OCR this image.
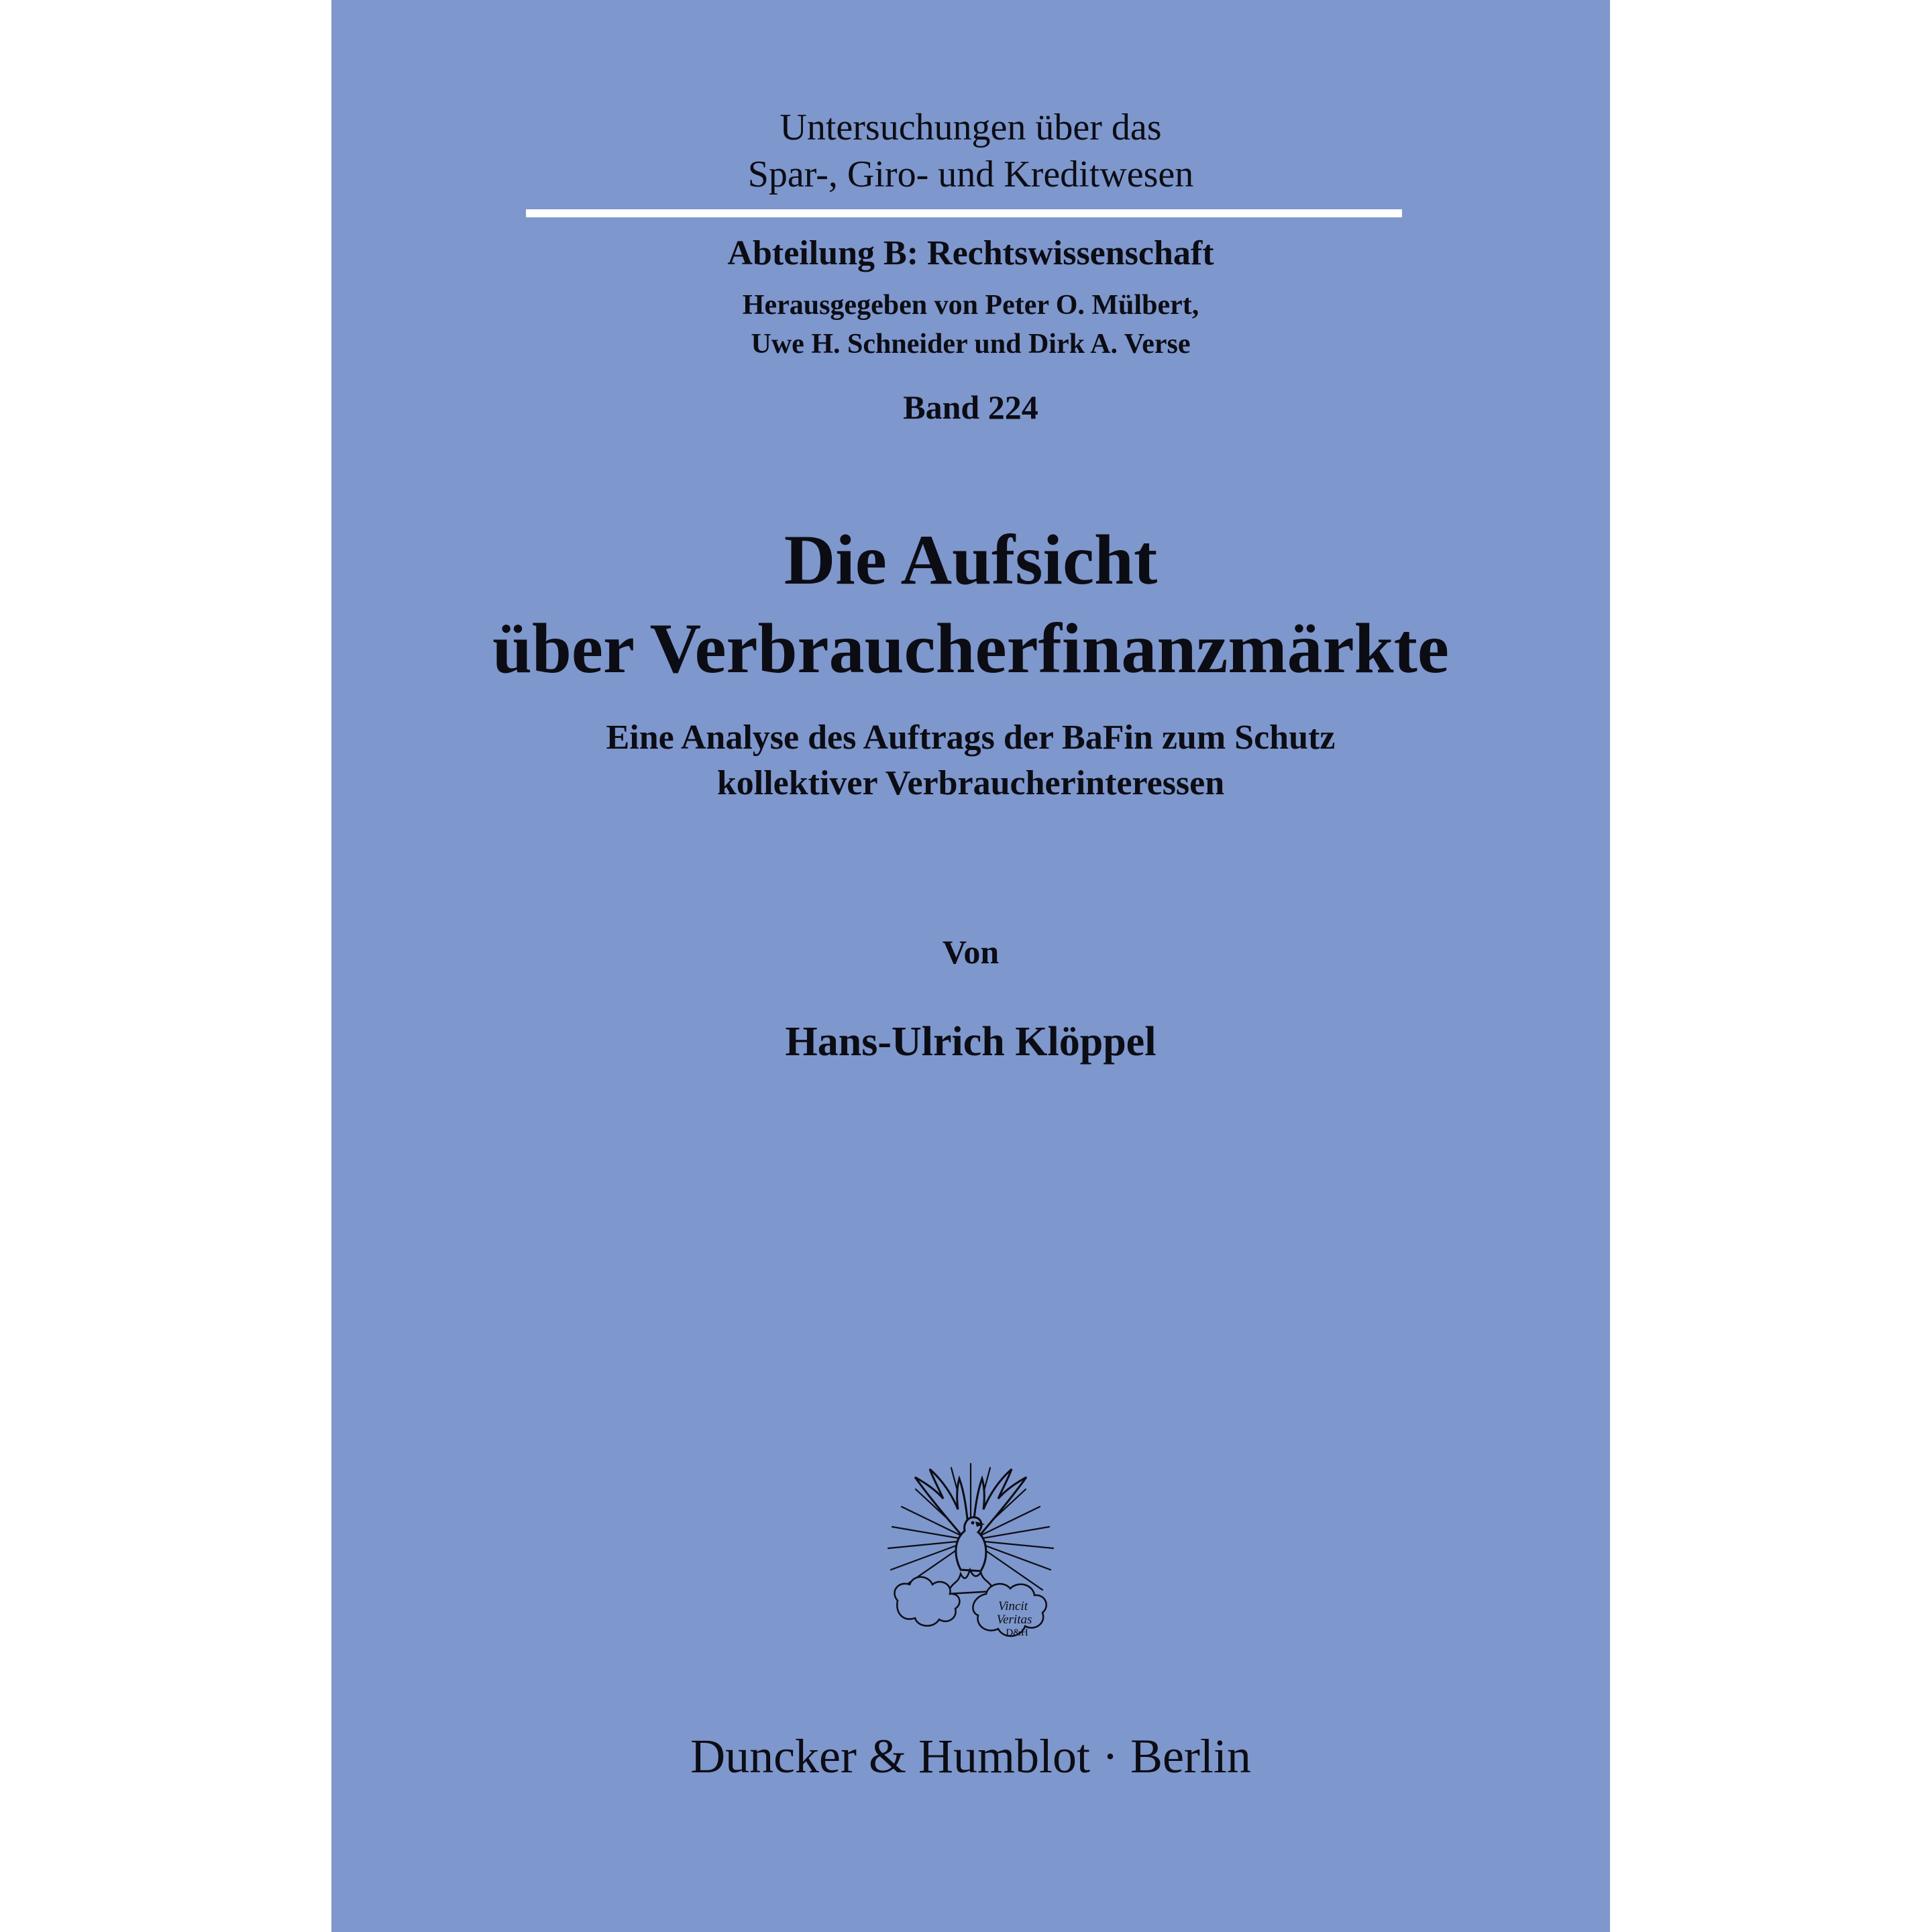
Untersuchungen über das
Spar-, Giro- und Kreditwesen
Abteilung B: Rechtswissenschaft
Herausgegeben von Peter O. Mülbert,
Uwe H. Schneider und Dirk A. Verse
Band 224
Die Aufsicht
über Verbraucherfinanzmärkte
Eine Analyse des Auftrags der BaFin zum Schutz
kollektiver Verbraucherinteressen
Von
Hans-Ulrich Klöppel
Vincit
Veritas
D&H
Duncker & Humblot · Berlin
